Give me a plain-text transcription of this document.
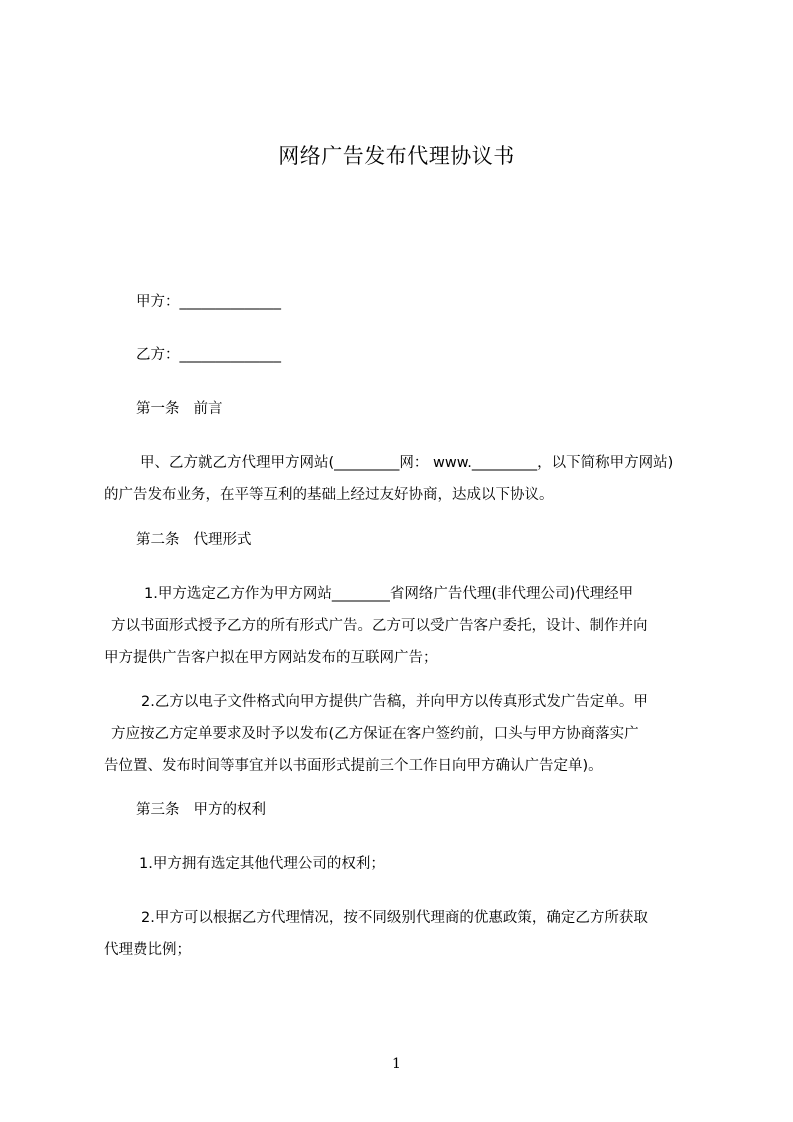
网络广告发布代理协议书
甲方：______________
乙方：______________
第一条 前言
甲、乙方就乙方代理甲方网站(_________网： www._________，以下简称甲方网站)
的广告发布业务，在平等互利的基础上经过友好协商，达成以下协议。
第二条 代理形式
1.甲方选定乙方作为甲方网站________省网络广告代理(非代理公司)代理经甲
方以书面形式授予乙方的所有形式广告。乙方可以受广告客户委托，设计、制作并向
甲方提供广告客户拟在甲方网站发布的互联网广告；
2.乙方以电子文件格式向甲方提供广告稿，并向甲方以传真形式发广告定单。甲
方应按乙方定单要求及时予以发布(乙方保证在客户签约前，口头与甲方协商落实广
告位置、发布时间等事宜并以书面形式提前三个工作日向甲方确认广告定单)。
第三条 甲方的权利
1.甲方拥有选定其他代理公司的权利；
2.甲方可以根据乙方代理情况，按不同级别代理商的优惠政策，确定乙方所获取
代理费比例；
1
